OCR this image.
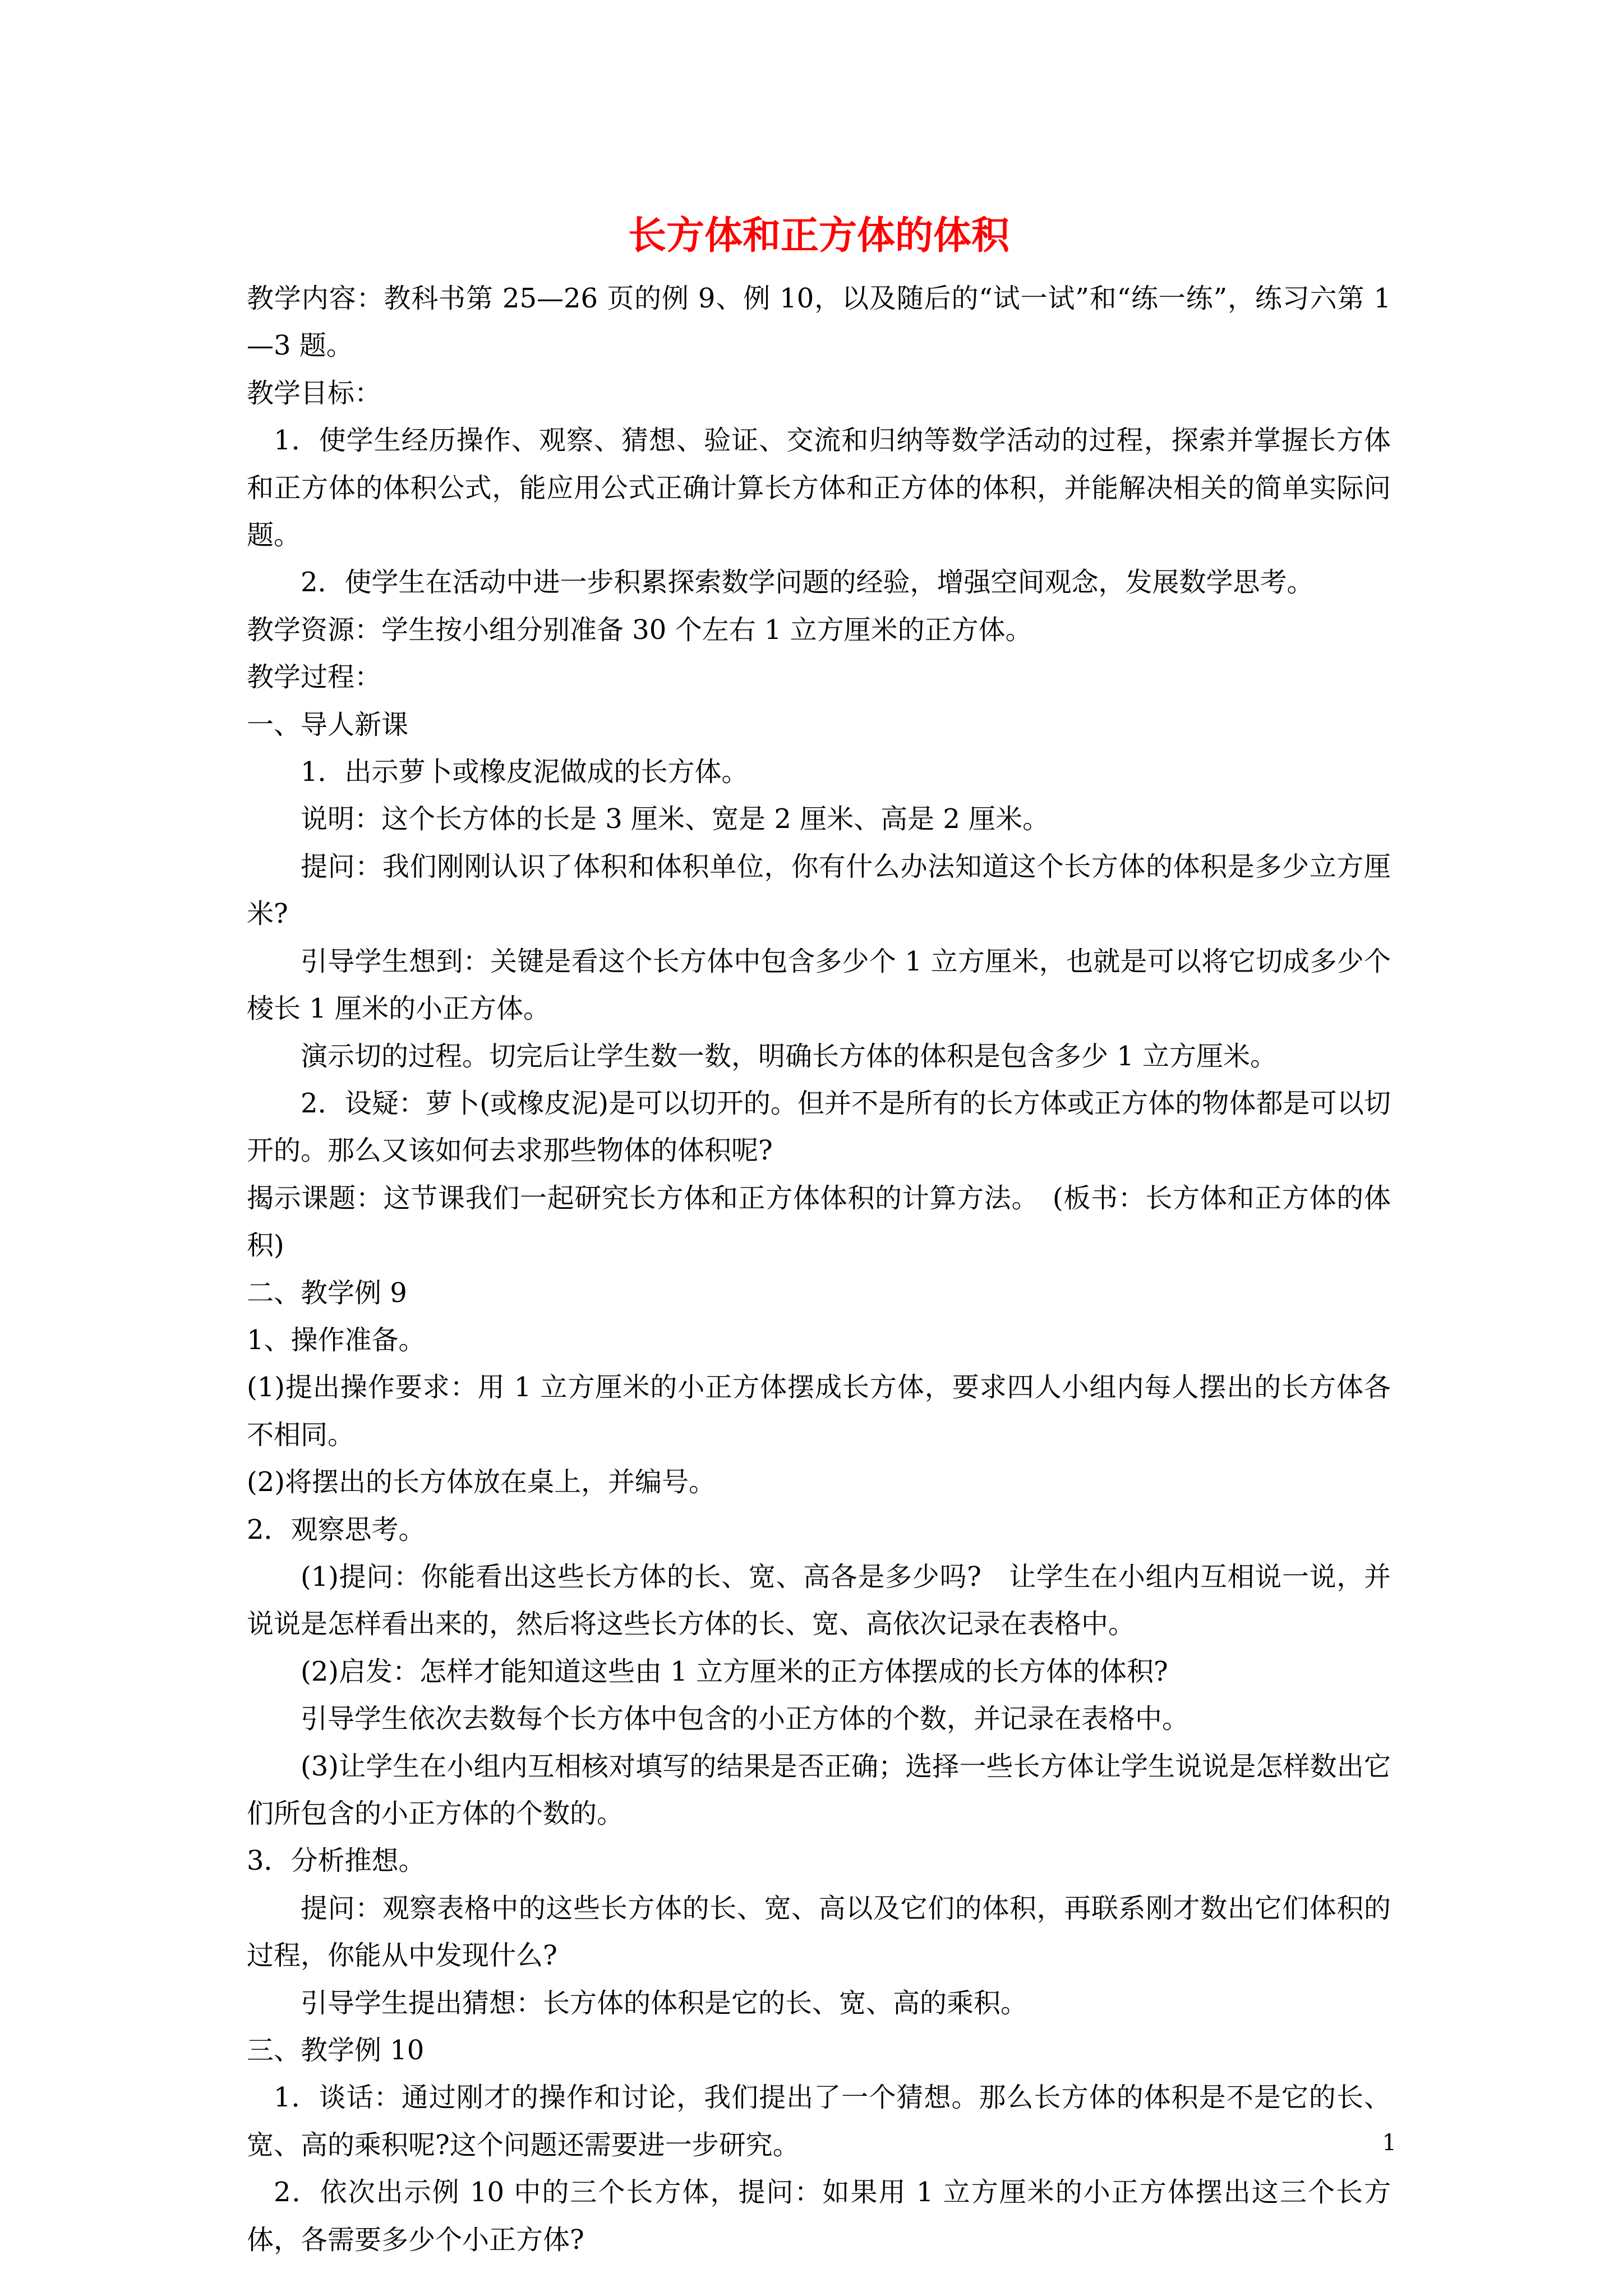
长方体和正方体的体积

教学内容：教科书第 25—26 页的例 9、例 10，以及随后的“试一试”和“练一练”，练习六第 1—3 题。

教学目标：

1．使学生经历操作、观察、猜想、验证、交流和归纳等数学活动的过程，探索并掌握长方体和正方体的体积公式，能应用公式正确计算长方体和正方体的体积，并能解决相关的简单实际问题。

2．使学生在活动中进一步积累探索数学问题的经验，增强空间观念，发展数学思考。

教学资源：学生按小组分别准备 30 个左右 1 立方厘米的正方体。

教学过程：

一、导人新课

1．出示萝卜或橡皮泥做成的长方体。

说明：这个长方体的长是 3 厘米、宽是 2 厘米、高是 2 厘米。

提问：我们刚刚认识了体积和体积单位，你有什么办法知道这个长方体的体积是多少立方厘米?

引导学生想到：关键是看这个长方体中包含多少个 1 立方厘米，也就是可以将它切成多少个棱长 1 厘米的小正方体。

演示切的过程。切完后让学生数一数，明确长方体的体积是包含多少 1 立方厘米。

2．设疑：萝卜(或橡皮泥)是可以切开的。但并不是所有的长方体或正方体的物体都是可以切开的。那么又该如何去求那些物体的体积呢?

揭示课题：这节课我们一起研究长方体和正方体体积的计算方法。　(板书：长方体和正方体的体积)

二、教学例 9

1、操作准备。

(1)提出操作要求：用 1 立方厘米的小正方体摆成长方体，要求四人小组内每人摆出的长方体各不相同。

(2)将摆出的长方体放在桌上，并编号。

2．观察思考。

(1)提问：你能看出这些长方体的长、宽、高各是多少吗?　让学生在小组内互相说一说，并说说是怎样看出来的，然后将这些长方体的长、宽、高依次记录在表格中。

(2)启发：怎样才能知道这些由 1 立方厘米的正方体摆成的长方体的体积?

引导学生依次去数每个长方体中包含的小正方体的个数，并记录在表格中。

(3)让学生在小组内互相核对填写的结果是否正确；选择一些长方体让学生说说是怎样数出它们所包含的小正方体的个数的。

3．分析推想。

提问：观察表格中的这些长方体的长、宽、高以及它们的体积，再联系刚才数出它们体积的过程，你能从中发现什么?

引导学生提出猜想：长方体的体积是它的长、宽、高的乘积。

三、教学例 10

1．谈话：通过刚才的操作和讨论，我们提出了一个猜想。那么长方体的体积是不是它的长、宽、高的乘积呢?这个问题还需要进一步研究。

2．依次出示例 10 中的三个长方体，提问：如果用 1 立方厘米的小正方体摆出这三个长方体，各需要多少个小正方体?

1
